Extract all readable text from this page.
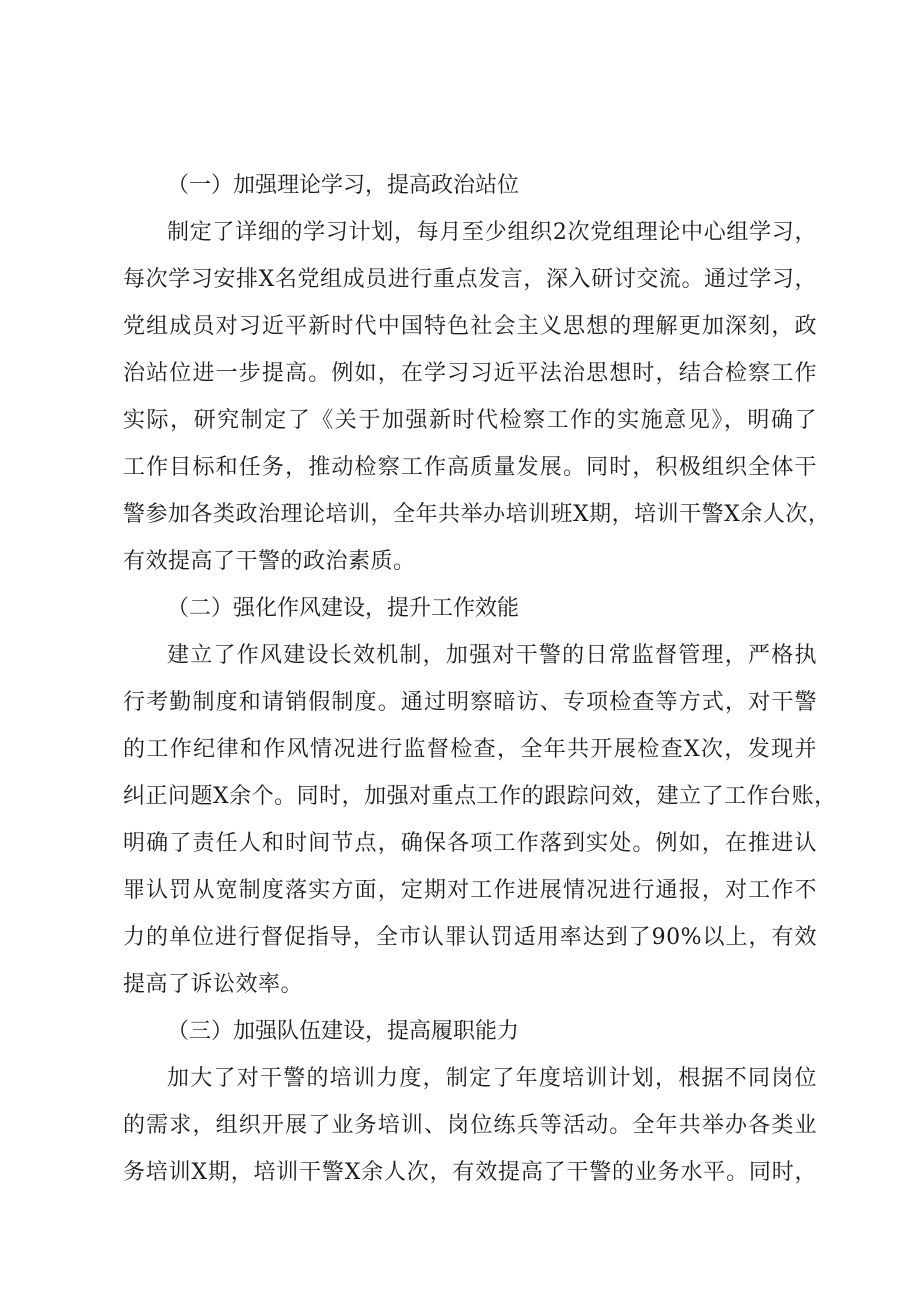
（一）加强理论学习，提高政治站位
制定了详细的学习计划，每月至少组织2次党组理论中心组学习，
每次学习安排X名党组成员进行重点发言，深入研讨交流。通过学习，
党组成员对习近平新时代中国特色社会主义思想的理解更加深刻，政
治站位进一步提高。例如，在学习习近平法治思想时，结合检察工作
实际，研究制定了《关于加强新时代检察工作的实施意见》，明确了
工作目标和任务，推动检察工作高质量发展。同时，积极组织全体干
警参加各类政治理论培训，全年共举办培训班X期，培训干警X余人次，
有效提高了干警的政治素质。
（二）强化作风建设，提升工作效能
建立了作风建设长效机制，加强对干警的日常监督管理，严格执
行考勤制度和请销假制度。通过明察暗访、专项检查等方式，对干警
的工作纪律和作风情况进行监督检查，全年共开展检查X次，发现并
纠正问题X余个。同时，加强对重点工作的跟踪问效，建立了工作台账，
明确了责任人和时间节点，确保各项工作落到实处。例如，在推进认
罪认罚从宽制度落实方面，定期对工作进展情况进行通报，对工作不
力的单位进行督促指导，全市认罪认罚适用率达到了90%以上，有效
提高了诉讼效率。
（三）加强队伍建设，提高履职能力
加大了对干警的培训力度，制定了年度培训计划，根据不同岗位
的需求，组织开展了业务培训、岗位练兵等活动。全年共举办各类业
务培训X期，培训干警X余人次，有效提高了干警的业务水平。同时，
